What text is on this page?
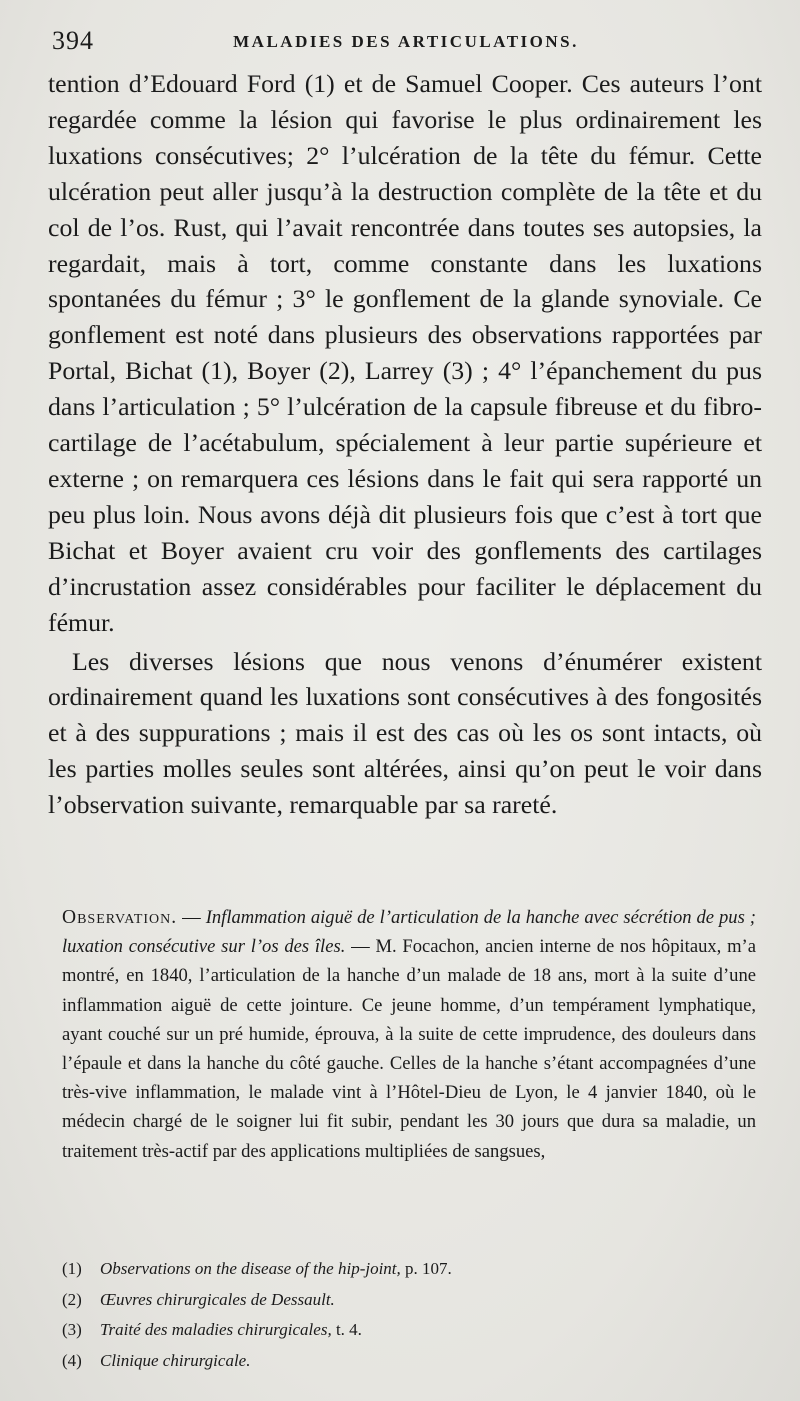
394	MALADIES DES ARTICULATIONS.

tention d’Edouard Ford (1) et de Samuel Cooper. Ces auteurs l’ont regardée comme la lésion qui favorise le plus ordinairement les luxations consécutives; 2° l’ulcération de la tête du fémur. Cette ulcération peut aller jusqu’à la destruction complète de la tête et du col de l’os. Rust, qui l’avait rencontrée dans toutes ses autopsies, la regardait, mais à tort, comme constante dans les luxations spontanées du fémur ; 3° le gonflement de la glande synoviale. Ce gonflement est noté dans plusieurs des observations rapportées par Portal, Bichat (1), Boyer (2), Larrey (3) ; 4° l’épanchement du pus dans l’articulation ; 5° l’ulcération de la capsule fibreuse et du fibro-cartilage de l’acétabulum, spécialement à leur partie supérieure et externe ; on remarquera ces lésions dans le fait qui sera rapporté un peu plus loin. Nous avons déjà dit plusieurs fois que c’est à tort que Bichat et Boyer avaient cru voir des gonflements des cartilages d’incrustation assez considérables pour faciliter le déplacement du fémur.

Les diverses lésions que nous venons d’énumérer existent ordinairement quand les luxations sont consécutives à des fongosités et à des suppurations ; mais il est des cas où les os sont intacts, où les parties molles seules sont altérées, ainsi qu’on peut le voir dans l’observation suivante, remarquable par sa rareté.

Observation. — Inflammation aiguë de l’articulation de la hanche avec sécrétion de pus ; luxation consécutive sur l’os des îles. — M. Focachon, ancien interne de nos hôpitaux, m’a montré, en 1840, l’articulation de la hanche d’un malade de 18 ans, mort à la suite d’une inflammation aiguë de cette jointure. Ce jeune homme, d’un tempérament lymphatique, ayant couché sur un pré humide, éprouva, à la suite de cette imprudence, des douleurs dans l’épaule et dans la hanche du côté gauche. Celles de la hanche s’étant accompagnées d’une très-vive inflammation, le malade vint à l’Hôtel-Dieu de Lyon, le 4 janvier 1840, où le médecin chargé de le soigner lui fit subir, pendant les 30 jours que dura sa maladie, un traitement très-actif par des applications multipliées de sangsues,

(1) Observations on the disease of the hip-joint, p. 107.
(2) Œuvres chirurgicales de Dessault.
(3) Traité des maladies chirurgicales, t. 4.
(4) Clinique chirurgicale.
